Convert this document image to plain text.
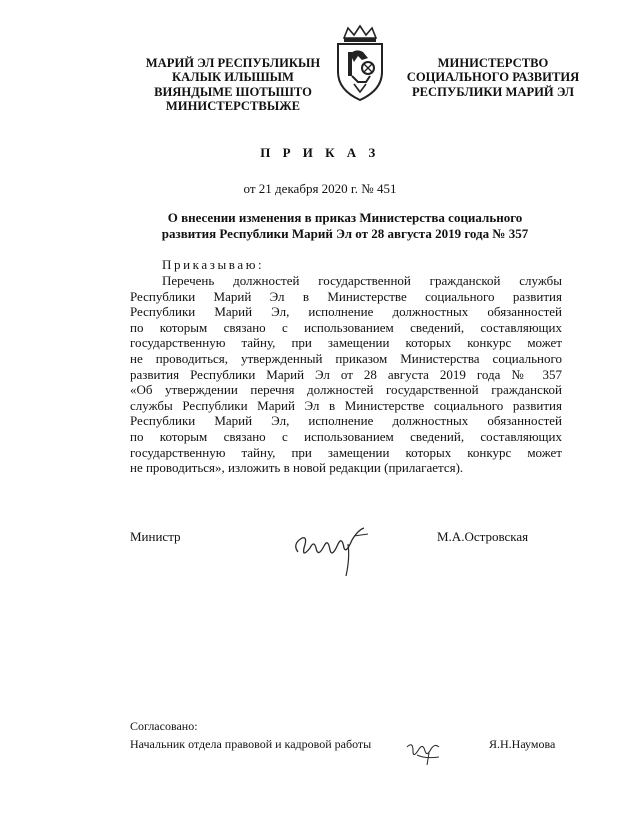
МАРИЙ ЭЛ РЕСПУБЛИКЫН
КАЛЫК ИЛЫШЫМ
ВИЯНДЫМЕ ШОТЫШТО
МИНИСТЕРСТВЫЖЕ
МИНИСТЕРСТВО
СОЦИАЛЬНОГО РАЗВИТИЯ
РЕСПУБЛИКИ МАРИЙ ЭЛ
П Р И К А З
от 21 декабря 2020 г. № 451
О внесении изменения в приказ Министерства социального
развития Республики Марий Эл от 28 августа 2019 года № 357
Приказываю:
Перечень должностей государственной гражданской службы
Республики Марий Эл в Министерстве социального развития
Республики Марий Эл, исполнение должностных обязанностей
по которым связано с использованием сведений, составляющих
государственную тайну, при замещении которых конкурс может
не проводиться, утвержденный приказом Министерства социального
развития Республики Марий Эл от 28 августа 2019 года № 357
«Об утверждении перечня должностей государственной гражданской
службы Республики Марий Эл в Министерстве социального развития
Республики Марий Эл, исполнение должностных обязанностей
по которым связано с использованием сведений, составляющих
государственную тайну, при замещении которых конкурс может
не проводиться», изложить в новой редакции (прилагается).
Министр	М.А.Островская
Согласовано:
Начальник отдела правовой и кадровой работы	Я.Н.Наумова
